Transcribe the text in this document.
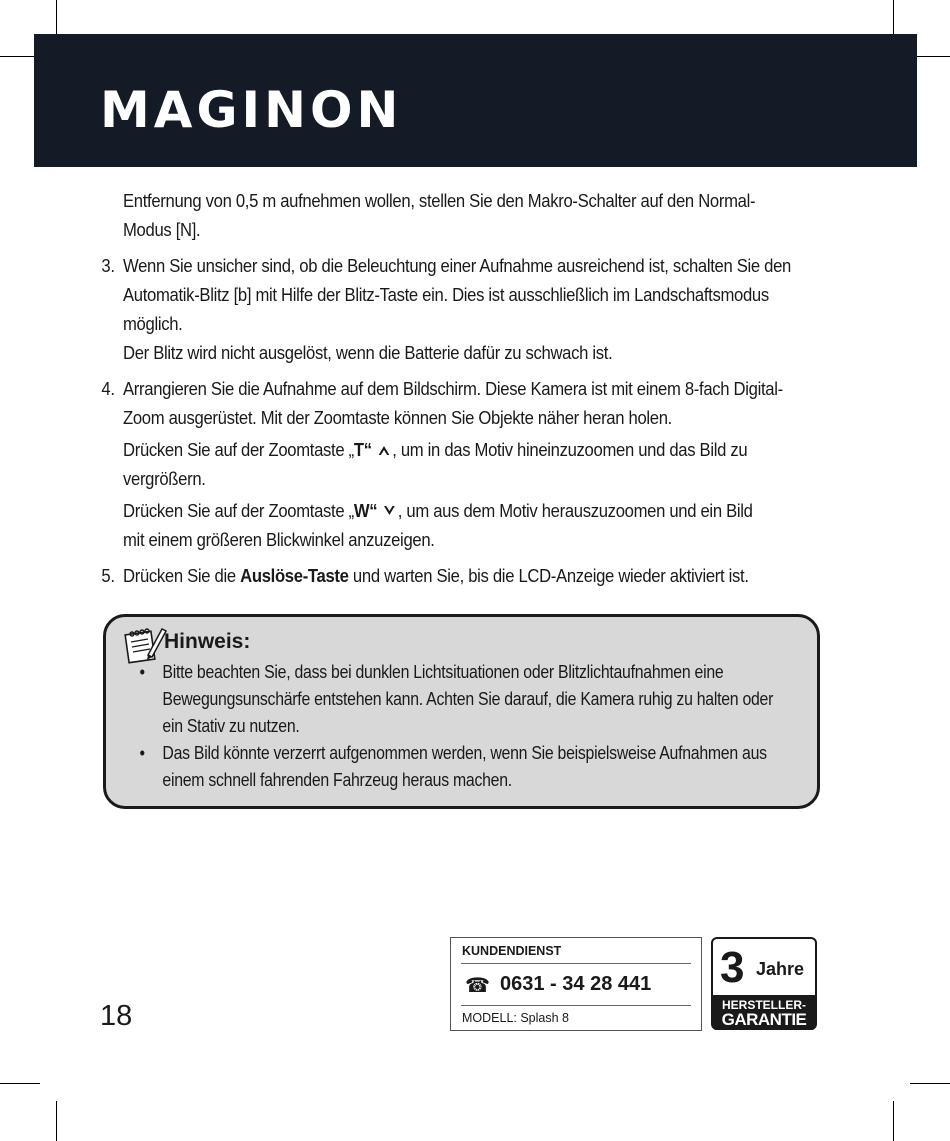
MAGINON

Entfernung von 0,5 m aufnehmen wollen, stellen Sie den Makro-Schalter auf den Normal-
Modus [N].

3. Wenn Sie unsicher sind, ob die Beleuchtung einer Aufnahme ausreichend ist, schalten Sie den
Automatik-Blitz [b] mit Hilfe der Blitz-Taste ein. Dies ist ausschließlich im Landschaftsmodus
möglich.
Der Blitz wird nicht ausgelöst, wenn die Batterie dafür zu schwach ist.

4. Arrangieren Sie die Aufnahme auf dem Bildschirm. Diese Kamera ist mit einem 8-fach Digital-
Zoom ausgerüstet. Mit der Zoomtaste können Sie Objekte näher heran holen.

Drücken Sie auf der Zoomtaste „T“ , um in das Motiv hineinzuzoomen und das Bild zu
vergrößern.

Drücken Sie auf der Zoomtaste „W“ , um aus dem Motiv herauszuzoomen und ein Bild
mit einem größeren Blickwinkel anzuzeigen.

5. Drücken Sie die Auslöse-Taste und warten Sie, bis die LCD-Anzeige wieder aktiviert ist.

Hinweis:
• Bitte beachten Sie, dass bei dunklen Lichtsituationen oder Blitzlichtaufnahmen eine
Bewegungsunschärfe entstehen kann. Achten Sie darauf, die Kamera ruhig zu halten oder
ein Stativ zu nutzen.
• Das Bild könnte verzerrt aufgenommen werden, wenn Sie beispielsweise Aufnahmen aus
einem schnell fahrenden Fahrzeug heraus machen.
18
KUNDENDIENST
☎ 0631 - 34 28 441
MODELL: Splash 8
3 Jahre
HERSTELLER-
GARANTIE
